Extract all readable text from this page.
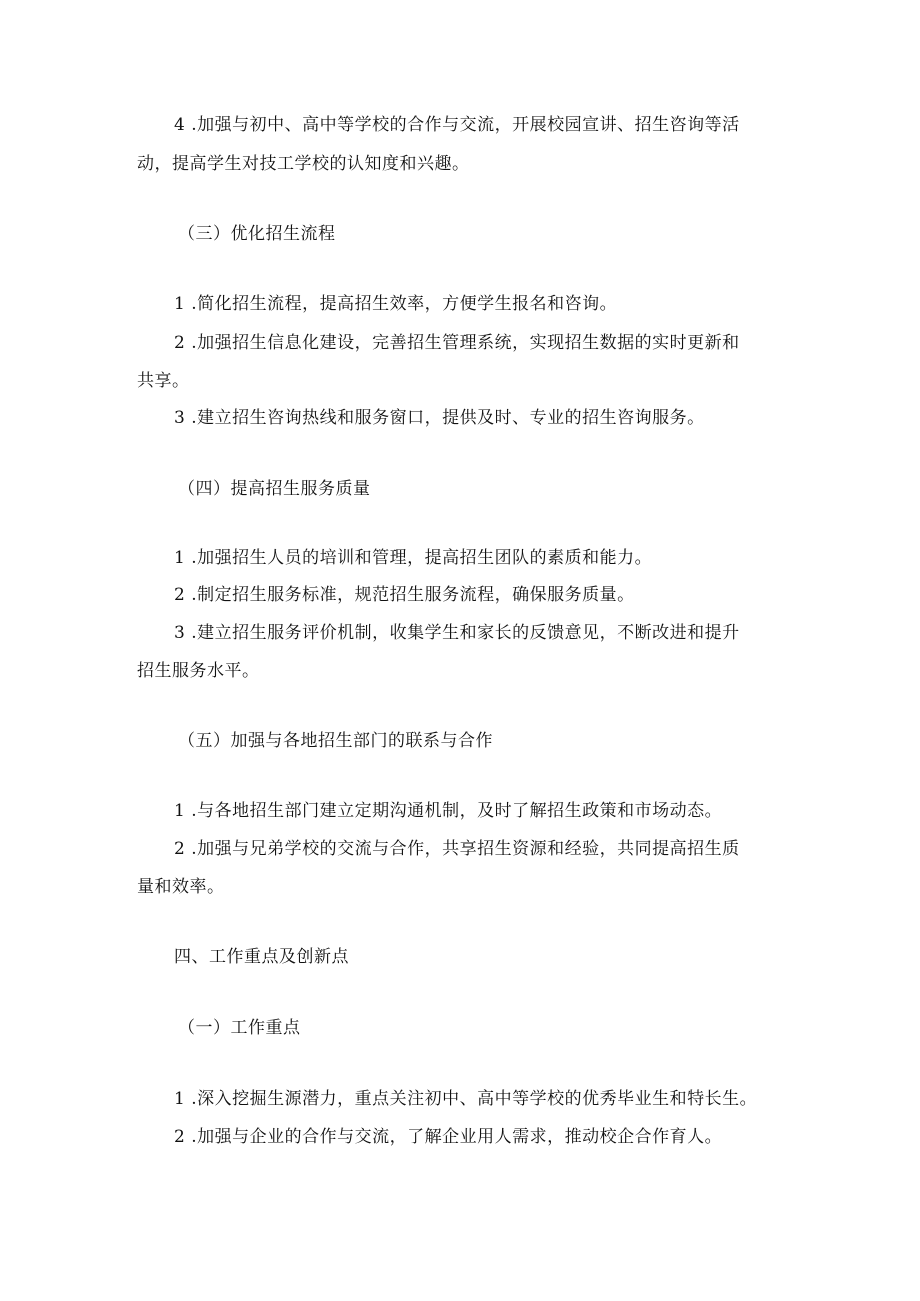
4 .加强与初中、高中等学校的合作与交流，开展校园宣讲、招生咨询等活
动，提高学生对技工学校的认知度和兴趣。
（三）优化招生流程
1 .简化招生流程，提高招生效率，方便学生报名和咨询。
2 .加强招生信息化建设，完善招生管理系统，实现招生数据的实时更新和
共享。
3 .建立招生咨询热线和服务窗口，提供及时、专业的招生咨询服务。
（四）提高招生服务质量
1 .加强招生人员的培训和管理，提高招生团队的素质和能力。
2 .制定招生服务标准，规范招生服务流程，确保服务质量。
3 .建立招生服务评价机制，收集学生和家长的反馈意见，不断改进和提升
招生服务水平。
（五）加强与各地招生部门的联系与合作
1 .与各地招生部门建立定期沟通机制，及时了解招生政策和市场动态。
2 .加强与兄弟学校的交流与合作，共享招生资源和经验，共同提高招生质
量和效率。
四、工作重点及创新点
（一）工作重点
1 .深入挖掘生源潜力，重点关注初中、高中等学校的优秀毕业生和特长生。
2 .加强与企业的合作与交流，了解企业用人需求，推动校企合作育人。
